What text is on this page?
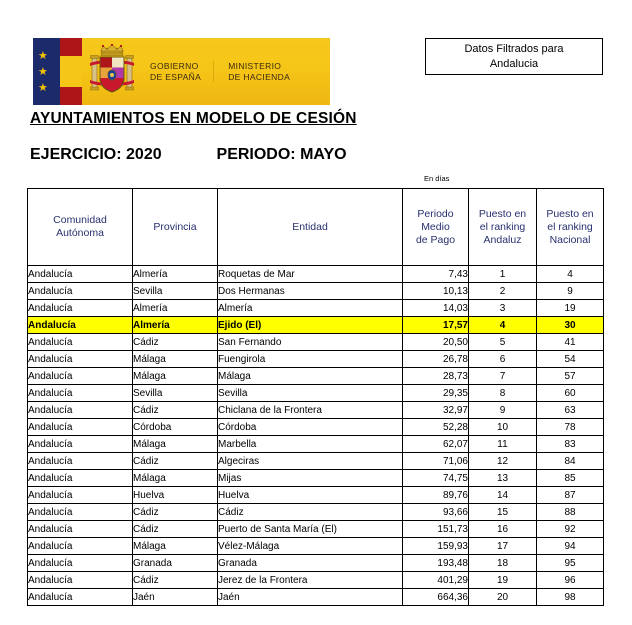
★
★
★
GOBIERNO
DE ESPAÑA
MINISTERIO
DE HACIENDA
Datos Filtrados para
Andalucia
AYUNTAMIENTOS EN MODELO DE CESIÓN
EJERCICIO: 2020	PERIODO: MAYO
En días
Comunidad
Autónoma	Provincia	Entidad	Periodo
Medio
de Pago	Puesto en
el ranking
Andaluz	Puesto en
el ranking
Nacional
Andalucía	Almería	Roquetas de Mar	7,43	1	4
Andalucía	Sevilla	Dos Hermanas	10,13	2	9
Andalucía	Almería	Almería	14,03	3	19
Andalucía	Almería	Ejido (El)	17,57	4	30
Andalucía	Cádiz	San Fernando	20,50	5	41
Andalucía	Málaga	Fuengirola	26,78	6	54
Andalucía	Málaga	Málaga	28,73	7	57
Andalucía	Sevilla	Sevilla	29,35	8	60
Andalucía	Cádiz	Chiclana de la Frontera	32,97	9	63
Andalucía	Córdoba	Córdoba	52,28	10	78
Andalucía	Málaga	Marbella	62,07	11	83
Andalucía	Cádiz	Algeciras	71,06	12	84
Andalucía	Málaga	Mijas	74,75	13	85
Andalucía	Huelva	Huelva	89,76	14	87
Andalucía	Cádiz	Cádiz	93,66	15	88
Andalucía	Cádiz	Puerto de Santa María (El)	151,73	16	92
Andalucía	Málaga	Vélez-Málaga	159,93	17	94
Andalucía	Granada	Granada	193,48	18	95
Andalucía	Cádiz	Jerez de la Frontera	401,29	19	96
Andalucía	Jaén	Jaén	664,36	20	98
